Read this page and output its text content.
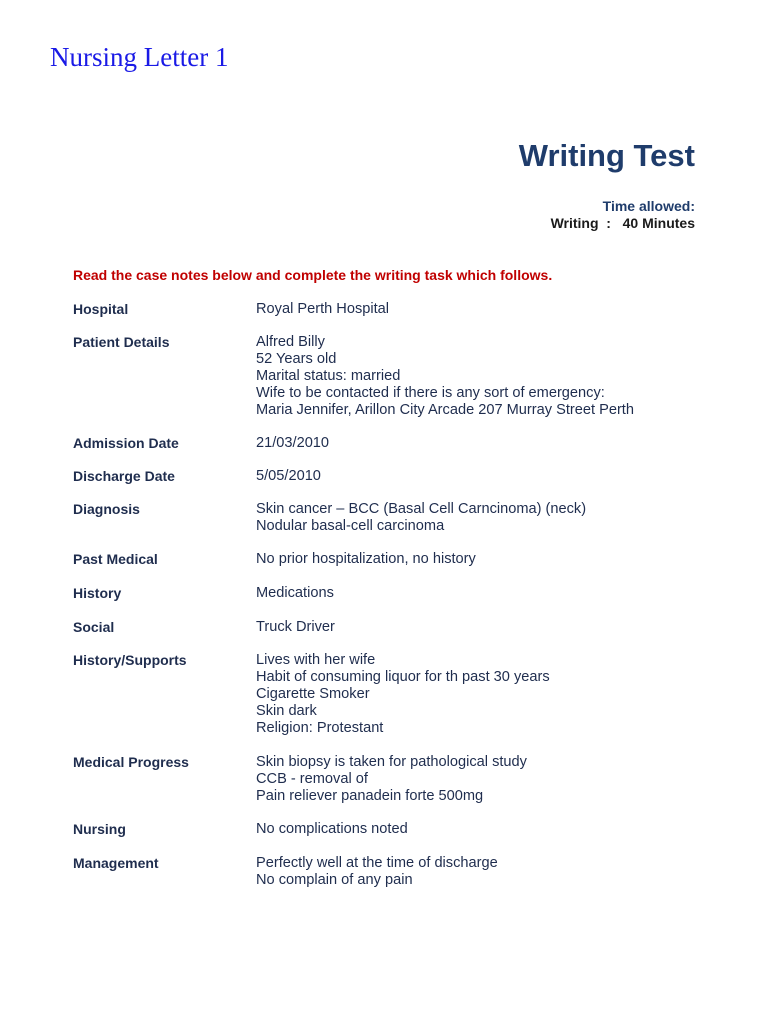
Nursing Letter 1
Writing Test
Time allowed:
Writing  :   40 Minutes
Read the case notes below and complete the writing task which follows.
Hospital	Royal Perth Hospital
Patient Details	Alfred Billy
52 Years old
Marital status: married
Wife to be contacted if there is any sort of emergency:
Maria Jennifer, Arillon City Arcade 207 Murray Street Perth
Admission Date	21/03/2010
Discharge Date	5/05/2010
Diagnosis	Skin cancer – BCC (Basal Cell Carncinoma) (neck)
Nodular basal-cell carcinoma
Past Medical	No prior hospitalization, no history
History	Medications
Social	Truck Driver
History/Supports	Lives with her wife
Habit of consuming liquor for th past 30 years
Cigarette Smoker
Skin dark
Religion: Protestant
Medical Progress	Skin biopsy is taken for pathological study
CCB - removal of
Pain reliever panadein forte 500mg
Nursing	No complications noted
Management	Perfectly well at the time of discharge
No complain of any pain
